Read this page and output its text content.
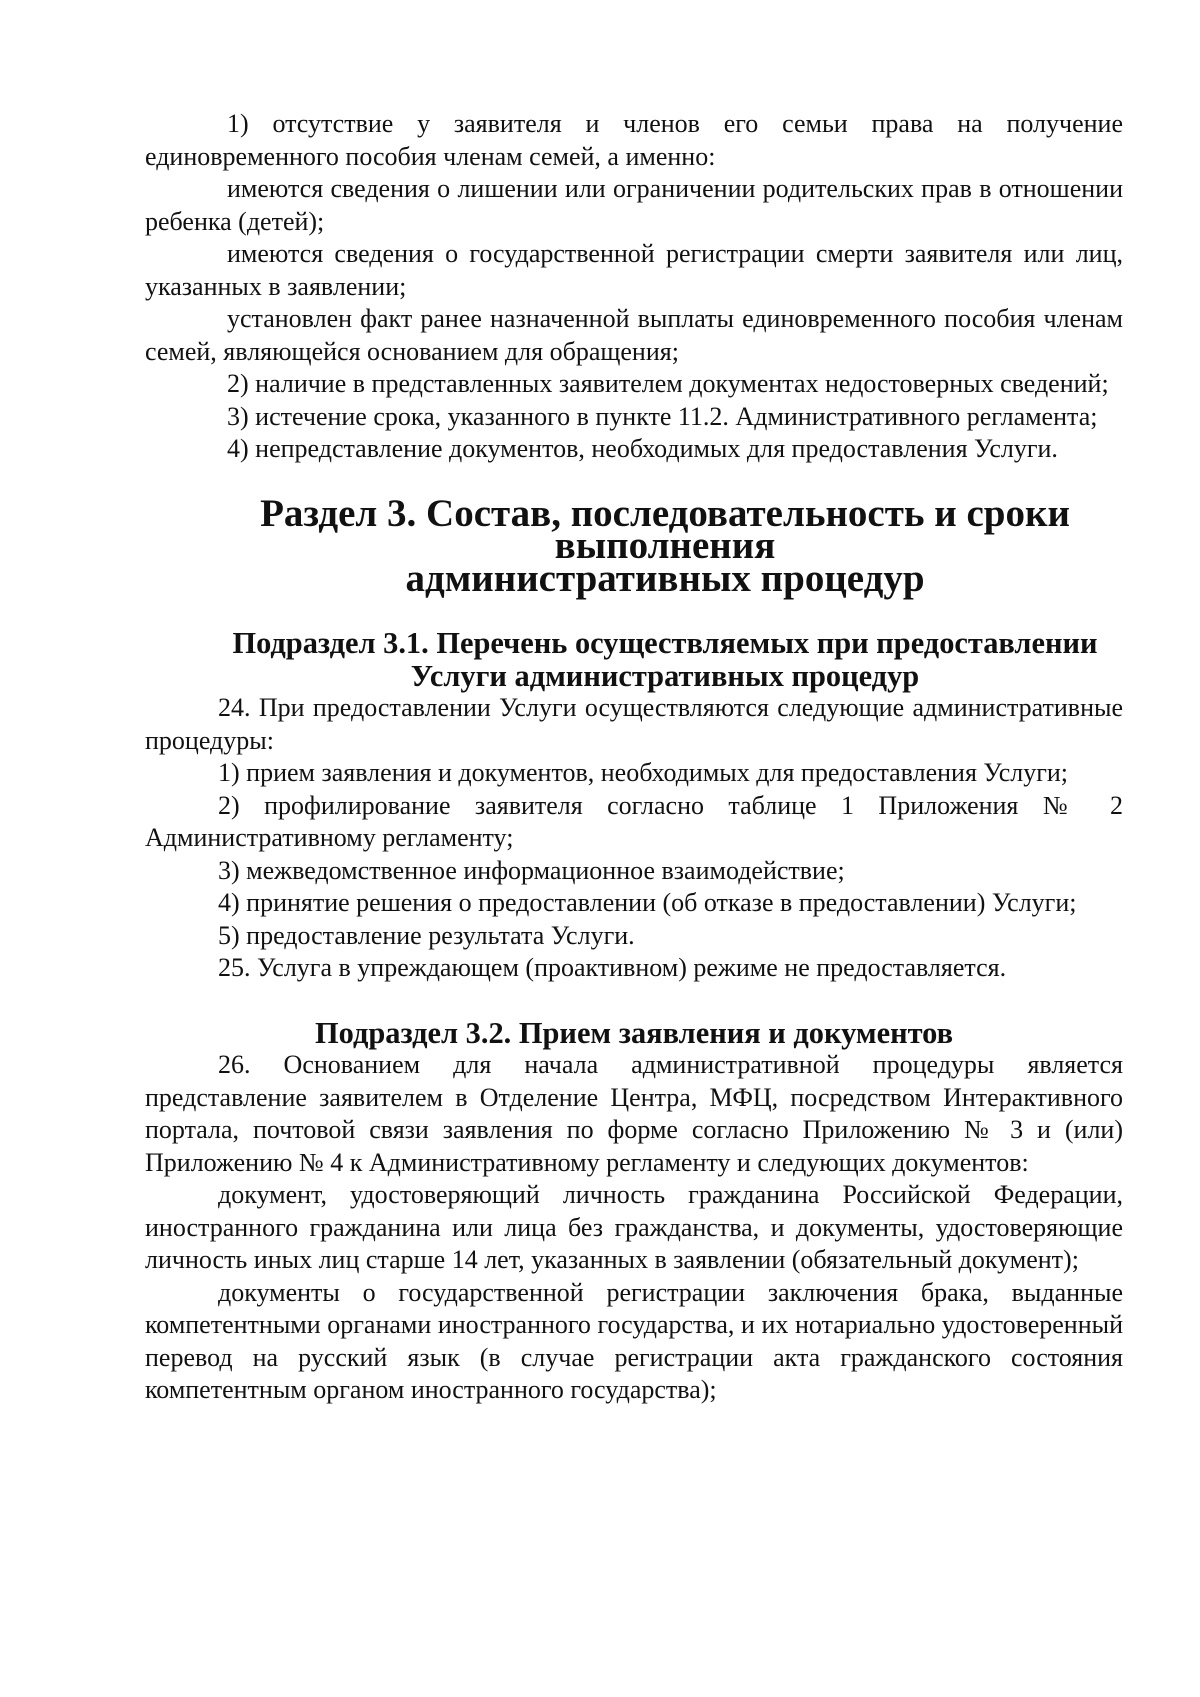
1) отсутствие у заявителя и членов его семьи права на получение единовременного пособия членам семей, а именно:

имеются сведения о лишении или ограничении родительских прав в отношении ребенка (детей);

имеются сведения о государственной регистрации смерти заявителя или лиц, указанных в заявлении;

установлен факт ранее назначенной выплаты единовременного пособия членам семей, являющейся основанием для обращения;

2) наличие в представленных заявителем документах недостоверных сведений;

3) истечение срока, указанного в пункте 11.2. Административного регламента;

4) непредставление документов, необходимых для предоставления Услуги.

Раздел 3. Состав, последовательность и сроки выполнения
административных процедур
Подраздел 3.1. Перечень осуществляемых при предоставлении
Услуги административных процедур

24. При предоставлении Услуги осуществляются следующие административные процедуры:

1) прием заявления и документов, необходимых для предоставления Услуги;

2) профилирование заявителя согласно таблице 1 Приложения № 2 Административному регламенту;

3) межведомственное информационное взаимодействие;

4) принятие решения о предоставлении (об отказе в предоставлении) Услуги;

5) предоставление результата Услуги.

25. Услуга в упреждающем (проактивном) режиме не предоставляется.

Подраздел 3.2. Прием заявления и документов

26. Основанием для начала административной процедуры является представление заявителем в Отделение Центра, МФЦ, посредством Интерактивного портала, почтовой связи заявления по форме согласно Приложению № 3 и (или) Приложению № 4 к Административному регламенту и следующих документов:

документ, удостоверяющий личность гражданина Российской Федерации, иностранного гражданина или лица без гражданства, и документы, удостоверяющие личность иных лиц старше 14 лет, указанных в заявлении (обязательный документ);

документы о государственной регистрации заключения брака, выданные компетентными органами иностранного государства, и их нотариально удостоверенный перевод на русский язык (в случае регистрации акта гражданского состояния компетентным органом иностранного государства);
